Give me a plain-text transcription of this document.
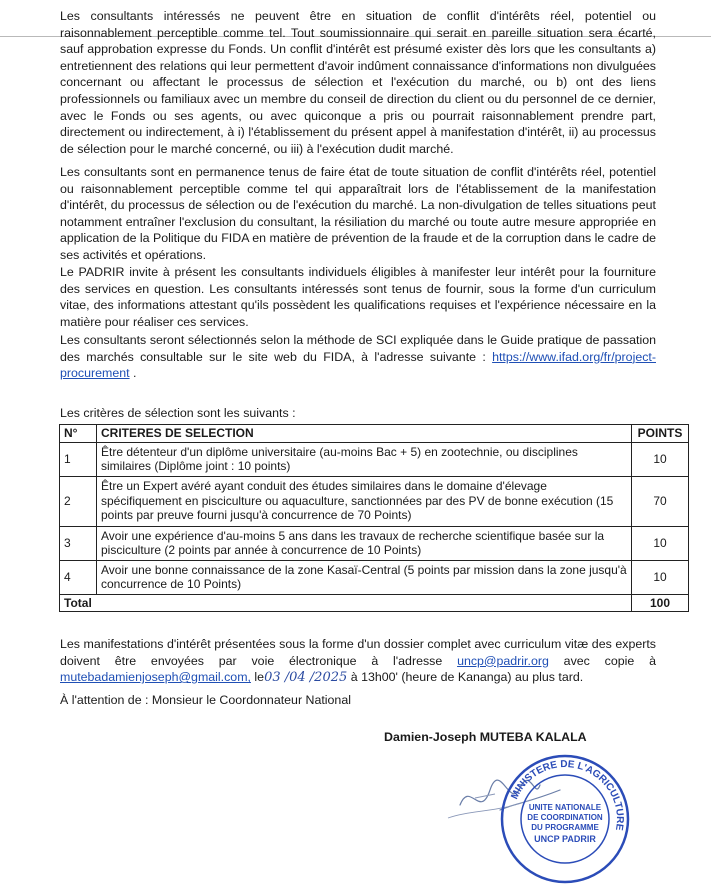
Les consultants intéressés ne peuvent être en situation de conflit d'intérêts réel, potentiel ou raisonnablement perceptible comme tel. Tout soumissionnaire qui serait en pareille situation sera écarté, sauf approbation expresse du Fonds. Un conflit d'intérêt est présumé exister dès lors que les consultants a) entretiennent des relations qui leur permettent d'avoir indûment connaissance d'informations non divulguées concernant ou affectant le processus de sélection et l'exécution du marché, ou b) ont des liens professionnels ou familiaux avec un membre du conseil de direction du client ou du personnel de ce dernier, avec le Fonds ou ses agents, ou avec quiconque a pris ou pourrait raisonnablement prendre part, directement ou indirectement, à i) l'établissement du présent appel à manifestation d'intérêt, ii) au processus de sélection pour le marché concerné, ou iii) à l'exécution dudit marché.

Les consultants sont en permanence tenus de faire état de toute situation de conflit d'intérêts réel, potentiel ou raisonnablement perceptible comme tel qui apparaîtrait lors de l'établissement de la manifestation d'intérêt, du processus de sélection ou de l'exécution du marché. La non-divulgation de telles situations peut notamment entraîner l'exclusion du consultant, la résiliation du marché ou toute autre mesure appropriée en application de la Politique du FIDA en matière de prévention de la fraude et de la corruption dans le cadre de ses activités et opérations.

Le PADRIR invite à présent les consultants individuels éligibles à manifester leur intérêt pour la fourniture des services en question. Les consultants intéressés sont tenus de fournir, sous la forme d'un curriculum vitae, des informations attestant qu'ils possèdent les qualifications requises et l'expérience nécessaire en la matière pour réaliser ces services.

Les consultants seront sélectionnés selon la méthode de SCI expliquée dans le Guide pratique de passation des marchés consultable sur le site web du FIDA, à l'adresse suivante : https://www.ifad.org/fr/project-procurement .

Les critères de sélection sont les suivants :

N°	CRITERES DE SELECTION	POINTS
1	Être détenteur d'un diplôme universitaire (au-moins Bac + 5) en zootechnie, ou disciplines similaires (Diplôme joint : 10 points)	10
2	Être un Expert avéré ayant conduit des études similaires dans le domaine d'élevage spécifiquement en pisciculture ou aquaculture, sanctionnées par des PV de bonne exécution (15 points par preuve fourni jusqu'à concurrence de 70 Points)	70
3	Avoir une expérience d'au-moins 5 ans dans les travaux de recherche scientifique basée sur la pisciculture (2 points par année à concurrence de 10 Points)	10
4	Avoir une bonne connaissance de la zone Kasaï-Central (5 points par mission dans la zone jusqu'à concurrence de 10 Points)	10
Total		100

Les manifestations d'intérêt présentées sous la forme d'un dossier complet avec curriculum vitæ des experts doivent être envoyées par voie électronique à l'adresse uncp@padrir.org avec copie à mutebadamienjoseph@gmail.com, le03 /04 /2025 à 13h00' (heure de Kananga) au plus tard.

À l'attention de : Monsieur le Coordonnateur National

Damien-Joseph MUTEBA KALALA

MINISTERE DE L'AGRICULTURE
UNITE NATIONALE
DE COORDINATION
DU PROGRAMME
UNCP PADRIR
